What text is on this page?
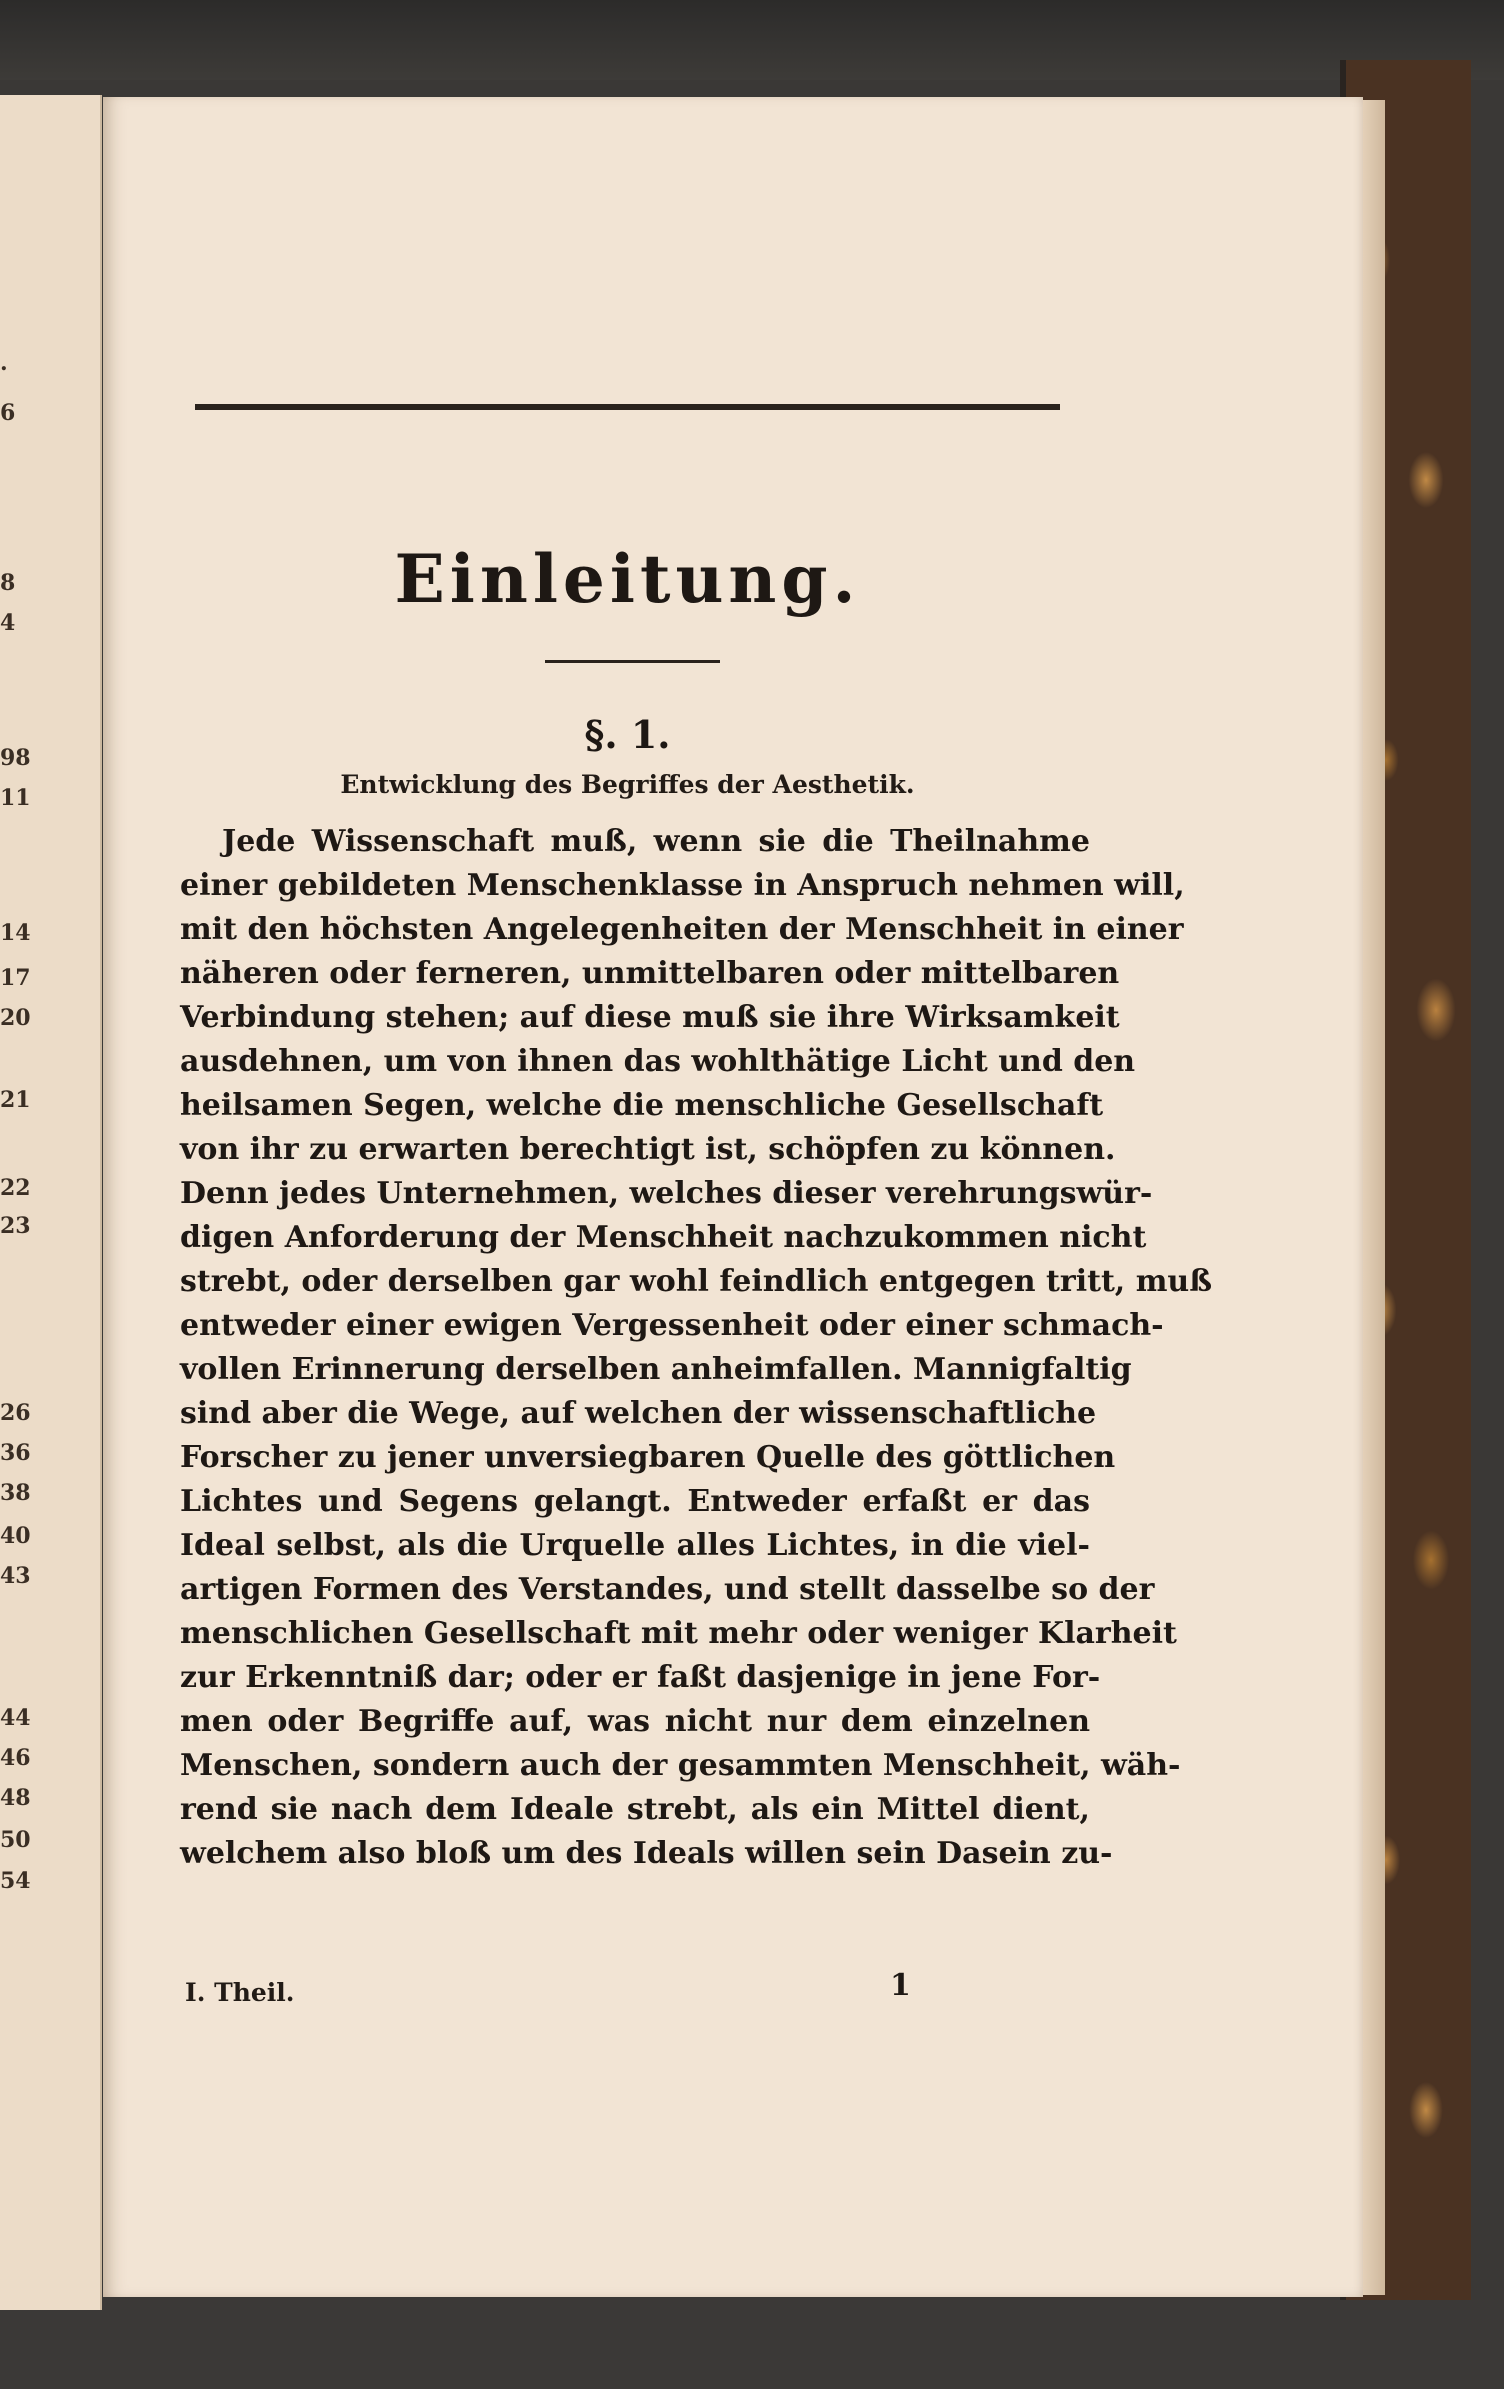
.
6
8
4
98
11
14
17
20
21
22
23
26
36
38
40
43
44
46
48
50
54
Einleitung.
§. 1.
Entwicklung des Begriffes der Aesthetik.
Jede Wissenschaft muß, wenn sie die Theilnahme
einer gebildeten Menschenklasse in Anspruch nehmen will,
mit den höchsten Angelegenheiten der Menschheit in einer
näheren oder ferneren, unmittelbaren oder mittelbaren
Verbindung stehen; auf diese muß sie ihre Wirksamkeit
ausdehnen, um von ihnen das wohlthätige Licht und den
heilsamen Segen, welche die menschliche Gesellschaft
von ihr zu erwarten berechtigt ist, schöpfen zu können.
Denn jedes Unternehmen, welches dieser verehrungswür-
digen Anforderung der Menschheit nachzukommen nicht
strebt, oder derselben gar wohl feindlich entgegen tritt, muß
entweder einer ewigen Vergessenheit oder einer schmach-
vollen Erinnerung derselben anheimfallen. Mannigfaltig
sind aber die Wege, auf welchen der wissenschaftliche
Forscher zu jener unversiegbaren Quelle des göttlichen
Lichtes und Segens gelangt. Entweder erfaßt er das
Ideal selbst, als die Urquelle alles Lichtes, in die viel-
artigen Formen des Verstandes, und stellt dasselbe so der
menschlichen Gesellschaft mit mehr oder weniger Klarheit
zur Erkenntniß dar; oder er faßt dasjenige in jene For-
men oder Begriffe auf, was nicht nur dem einzelnen
Menschen, sondern auch der gesammten Menschheit, wäh-
rend sie nach dem Ideale strebt, als ein Mittel dient,
welchem also bloß um des Ideals willen sein Dasein zu-
I. Theil.	1
